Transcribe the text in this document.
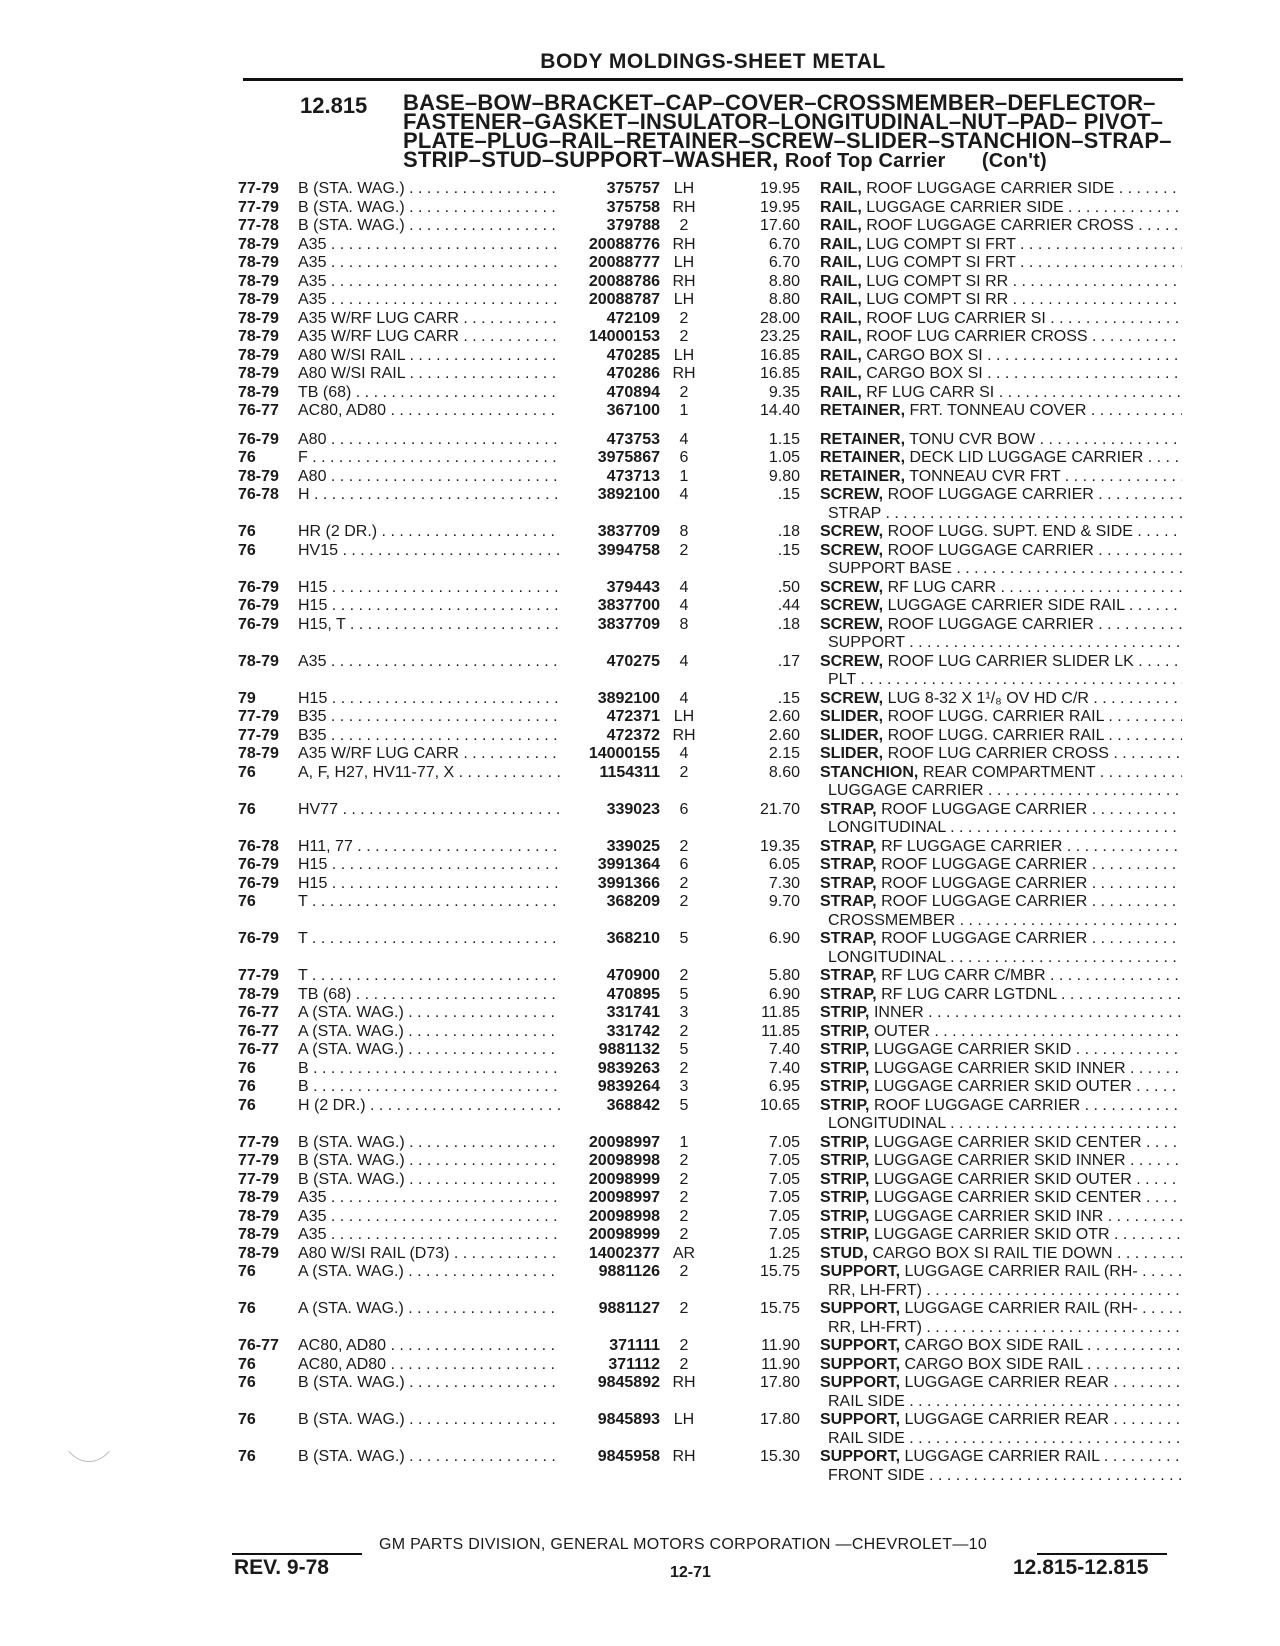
BODY MOLDINGS-SHEET METAL
12.815 BASE–BOW–BRACKET–CAP–COVER–CROSSMEMBER–DEFLECTOR–
FASTENER–GASKET–INSULATOR–LONGITUDINAL–NUT–PAD– PIVOT–
PLATE–PLUG–RAIL–RETAINER–SCREW–SLIDER–STANCHION–STRAP–
STRIP–STUD–SUPPORT–WASHER, Roof Top Carrier (Con't)
77-79 B (STA. WAG.) . . .	375757 LH	19.95 RAIL, ROOF LUGGAGE CARRIER SIDE . . .
77-79 B (STA. WAG.) . . .	375758 RH	19.95 RAIL, LUGGAGE CARRIER SIDE . . .
77-78 B (STA. WAG.) . . .	379788	2	17.60 RAIL, ROOF LUGGAGE CARRIER CROSS . . .
78-79 A35 . . .	20088776 RH	6.70 RAIL, LUG COMPT SI FRT . . .
78-79 A35 . . .	20088777 LH	6.70 RAIL, LUG COMPT SI FRT . . .
78-79 A35 . . .	20088786 RH	8.80 RAIL, LUG COMPT SI RR . . .
78-79 A35 . . .	20088787 LH	8.80 RAIL, LUG COMPT SI RR . . .
78-79 A35 W/RF LUG CARR . . .	472109	2	28.00 RAIL, ROOF LUG CARRIER SI . . .
78-79 A35 W/RF LUG CARR . . .	14000153	2	23.25 RAIL, ROOF LUG CARRIER CROSS . . .
78-79 A80 W/SI RAIL . . .	470285 LH	16.85 RAIL, CARGO BOX SI . . .
78-79 A80 W/SI RAIL . . .	470286 RH	16.85 RAIL, CARGO BOX SI . . .
78-79 TB (68) . . .	470894	2	9.35 RAIL, RF LUG CARR SI . . .
76-77 AC80, AD80 . . .	367100	1	14.40 RETAINER, FRT. TONNEAU COVER . . .
76-79 A80 . . .	473753	4	1.15 RETAINER, TONU CVR BOW . . .
76	F . . .	3975867	6	1.05 RETAINER, DECK LID LUGGAGE CARRIER . . .
78-79 A80 . . .	473713	1	9.80 RETAINER, TONNEAU CVR FRT . . .
76-78 H . . .	3892100	4	.15 SCREW, ROOF LUGGAGE CARRIER . . .
STRAP . . .
76	HR (2 DR.) . . .	3837709	8	.18 SCREW, ROOF LUGG. SUPT. END & SIDE . . .
76	HV15 . . .	3994758	2	.15 SCREW, ROOF LUGGAGE CARRIER . . .
SUPPORT BASE . . .
76-79 H15 . . .	379443	4	.50 SCREW, RF LUG CARR . . .
76-79 H15 . . .	3837700	4	.44 SCREW, LUGGAGE CARRIER SIDE RAIL . . .
76-79 H15, T . . .	3837709	8	.18 SCREW, ROOF LUGGAGE CARRIER . . .
SUPPORT . . .
78-79 A35 . . .	470275	4	.17 SCREW, ROOF LUG CARRIER SLIDER LK . . .
PLT . . .
79	H15 . . .	3892100	4	.15 SCREW, LUG 8-32 X 1¹/₈ OV HD C/R . . .
77-79 B35 . . .	472371 LH	2.60 SLIDER, ROOF LUGG. CARRIER RAIL . . .
77-79 B35 . . .	472372 RH	2.60 SLIDER, ROOF LUGG. CARRIER RAIL . . .
78-79 A35 W/RF LUG CARR . . .	14000155	4	2.15 SLIDER, ROOF LUG CARRIER CROSS . . .
76	A, F, H27, HV11-77, X . . .	1154311	2	8.60 STANCHION, REAR COMPARTMENT . . .
LUGGAGE CARRIER . . .
76	HV77 . . .	339023	6	21.70 STRAP, ROOF LUGGAGE CARRIER . . .
LONGITUDINAL . . .
76-78 H11, 77 . . .	339025	2	19.35 STRAP, RF LUGGAGE CARRIER . . .
76-79 H15 . . .	3991364	6	6.05 STRAP, ROOF LUGGAGE CARRIER . . .
76-79 H15 . . .	3991366	2	7.30 STRAP, ROOF LUGGAGE CARRIER . . .
76	T . . .	368209	2	9.70 STRAP, ROOF LUGGAGE CARRIER . . .
CROSSMEMBER . . .
76-79 T . . .	368210	5	6.90 STRAP, ROOF LUGGAGE CARRIER . . .
LONGITUDINAL . . .
77-79 T . . .	470900	2	5.80 STRAP, RF LUG CARR C/MBR . . .
78-79 TB (68) . . .	470895	5	6.90 STRAP, RF LUG CARR LGTDNL . . .
76-77 A (STA. WAG.) . . .	331741	3	11.85 STRIP, INNER . . .
76-77 A (STA. WAG.) . . .	331742	2	11.85 STRIP, OUTER . . .
76-77 A (STA. WAG.) . . .	9881132	5	7.40 STRIP, LUGGAGE CARRIER SKID . . .
76	B . . .	9839263	2	7.40 STRIP, LUGGAGE CARRIER SKID INNER . . .
76	B . . .	9839264	3	6.95 STRIP, LUGGAGE CARRIER SKID OUTER . . .
76	H (2 DR.) . . .	368842	5	10.65 STRIP, ROOF LUGGAGE CARRIER . . .
LONGITUDINAL . . .
77-79 B (STA. WAG.) . . .	20098997	1	7.05 STRIP, LUGGAGE CARRIER SKID CENTER . . .
77-79 B (STA. WAG.) . . .	20098998	2	7.05 STRIP, LUGGAGE CARRIER SKID INNER . . .
77-79 B (STA. WAG.) . . .	20098999	2	7.05 STRIP, LUGGAGE CARRIER SKID OUTER . . .
78-79 A35 . . .	20098997	2	7.05 STRIP, LUGGAGE CARRIER SKID CENTER . . .
78-79 A35 . . .	20098998	2	7.05 STRIP, LUGGAGE CARRIER SKID INR . . .
78-79 A35 . . .	20098999	2	7.05 STRIP, LUGGAGE CARRIER SKID OTR . . .
78-79 A80 W/SI RAIL (D73) . . .	14002377 AR	1.25 STUD, CARGO BOX SI RAIL TIE DOWN . . .
76	A (STA. WAG.) . . .	9881126	2	15.75 SUPPORT, LUGGAGE CARRIER RAIL (RH- . . .
RR, LH-FRT) . . .
76	A (STA. WAG.) . . .	9881127	2	15.75 SUPPORT, LUGGAGE CARRIER RAIL (RH- . . .
RR, LH-FRT) . . .
76-77 AC80, AD80 . . .	371111	2	11.90 SUPPORT, CARGO BOX SIDE RAIL . . .
76	AC80, AD80 . . .	371112	2	11.90 SUPPORT, CARGO BOX SIDE RAIL . . .
76	B (STA. WAG.) . . .	9845892 RH	17.80 SUPPORT, LUGGAGE CARRIER REAR . . .
RAIL SIDE . . .
76	B (STA. WAG.) . . .	9845893 LH	17.80 SUPPORT, LUGGAGE CARRIER REAR . . .
RAIL SIDE . . .
76	B (STA. WAG.) . . .	9845958 RH	15.30 SUPPORT, LUGGAGE CARRIER RAIL . . .
FRONT SIDE . . .
GM PARTS DIVISION, GENERAL MOTORS CORPORATION —CHEVROLET—10
REV. 9-78	12-71	12.815-12.815
